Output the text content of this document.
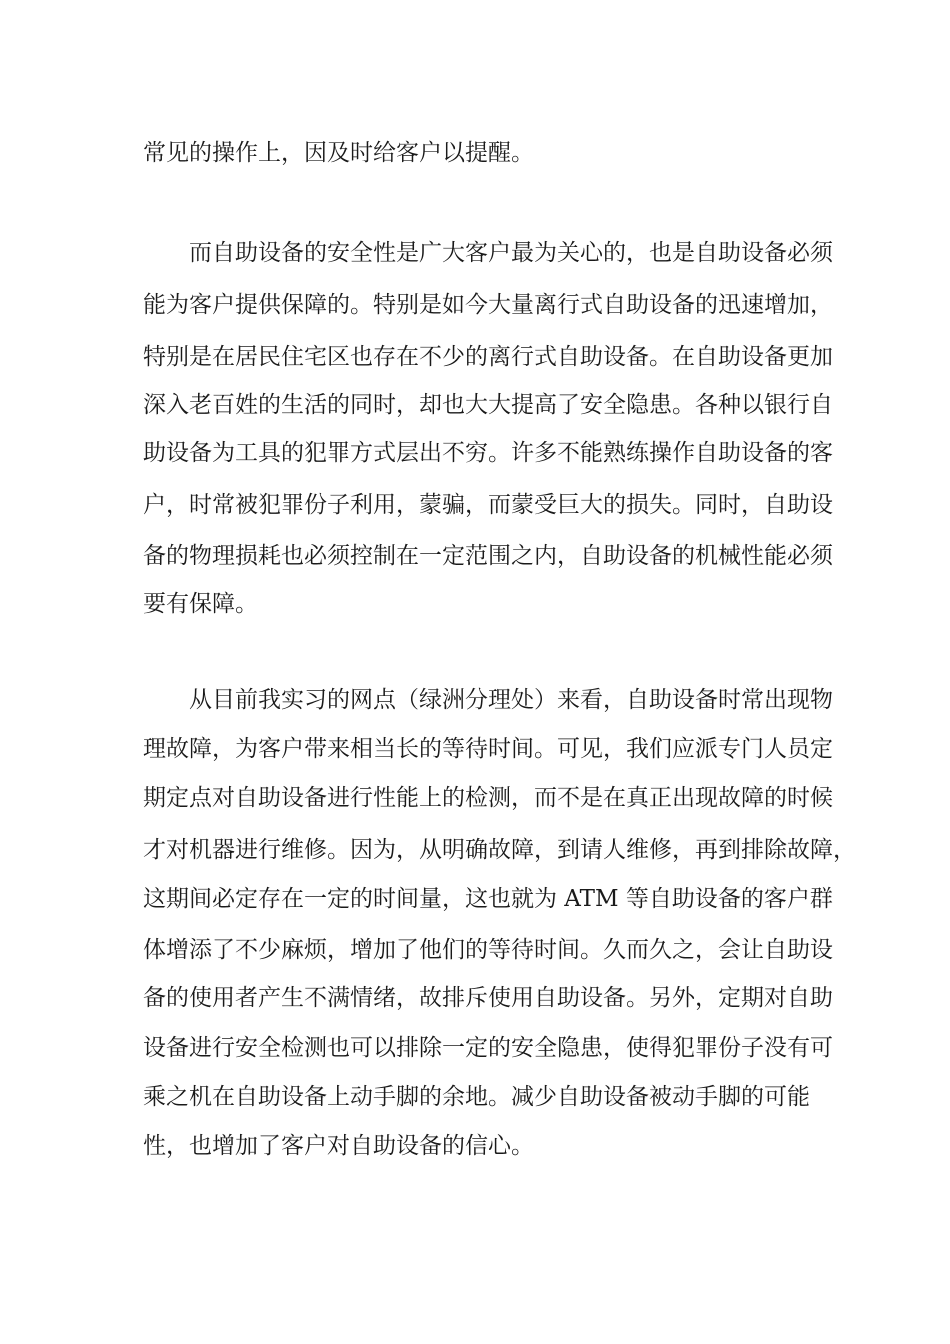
常见的操作上，因及时给客户以提醒。
而自助设备的安全性是广大客户最为关心的，也是自助设备必须
能为客户提供保障的。特别是如今大量离行式自助设备的迅速增加，
特别是在居民住宅区也存在不少的离行式自助设备。在自助设备更加
深入老百姓的生活的同时，却也大大提高了安全隐患。各种以银行自
助设备为工具的犯罪方式层出不穷。许多不能熟练操作自助设备的客
户，时常被犯罪份子利用，蒙骗，而蒙受巨大的损失。同时，自助设
备的物理损耗也必须控制在一定范围之内，自助设备的机械性能必须
要有保障。
从目前我实习的网点（绿洲分理处）来看，自助设备时常出现物
理故障，为客户带来相当长的等待时间。可见，我们应派专门人员定
期定点对自助设备进行性能上的检测，而不是在真正出现故障的时候
才对机器进行维修。因为，从明确故障，到请人维修，再到排除故障，
这期间必定存在一定的时间量，这也就为 ATM 等自助设备的客户群
体增添了不少麻烦，增加了他们的等待时间。久而久之，会让自助设
备的使用者产生不满情绪，故排斥使用自助设备。另外，定期对自助
设备进行安全检测也可以排除一定的安全隐患，使得犯罪份子没有可
乘之机在自助设备上动手脚的余地。减少自助设备被动手脚的可能
性，也增加了客户对自助设备的信心。
